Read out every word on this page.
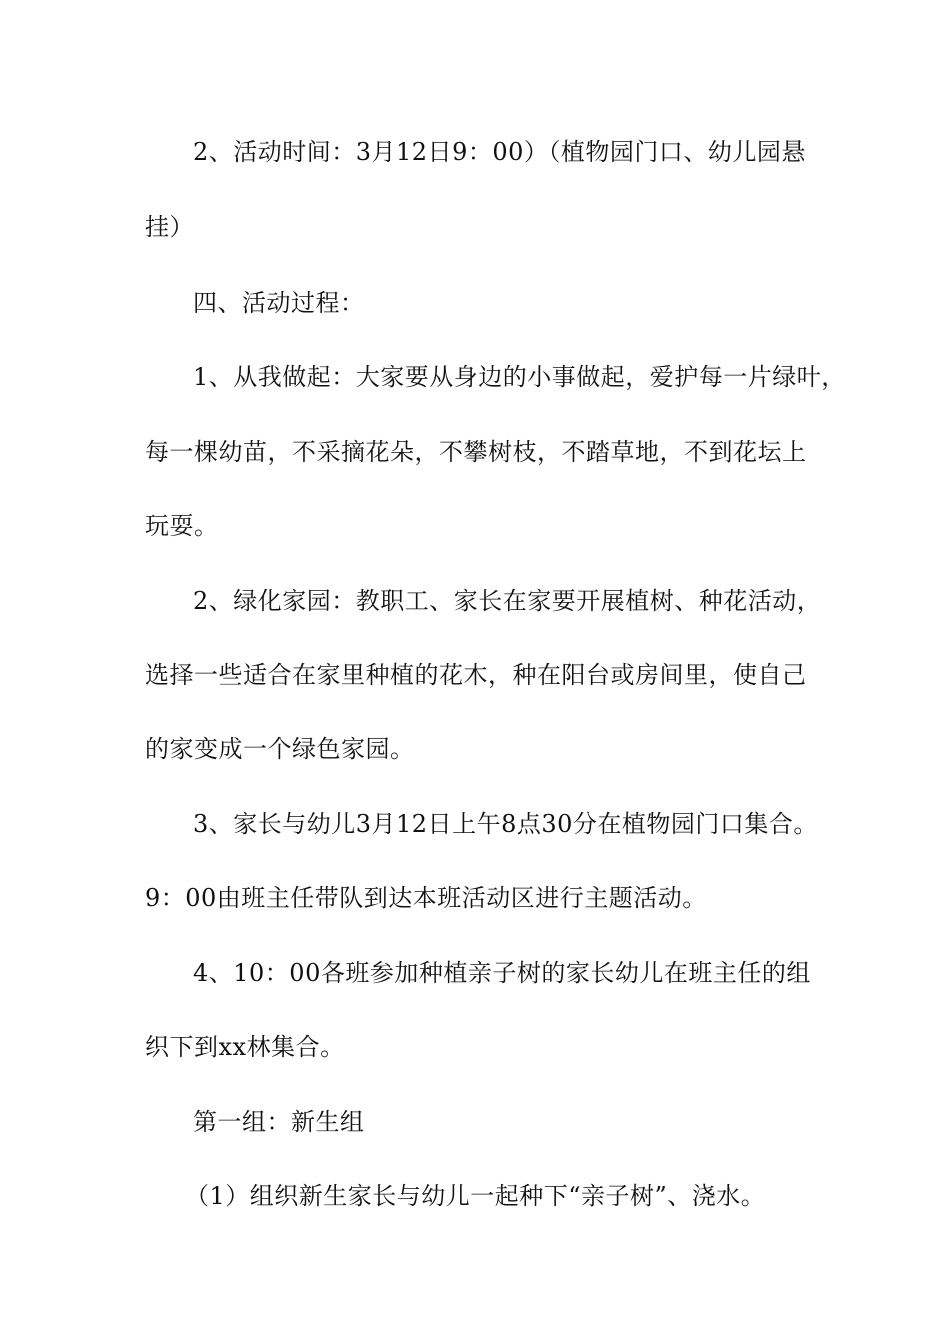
2、活动时间：3月12日9：00）（植物园门口、幼儿园悬
挂）
四、活动过程：
1、从我做起：大家要从身边的小事做起，爱护每一片绿叶，
每一棵幼苗，不采摘花朵，不攀树枝，不踏草地，不到花坛上
玩耍。
2、绿化家园：教职工、家长在家要开展植树、种花活动，
选择一些适合在家里种植的花木，种在阳台或房间里，使自己
的家变成一个绿色家园。
3、家长与幼儿3月12日上午8点30分在植物园门口集合。
9：00由班主任带队到达本班活动区进行主题活动。
4、10：00各班参加种植亲子树的家长幼儿在班主任的组
织下到xx林集合。
第一组：新生组
（1）组织新生家长与幼儿一起种下“亲子树”、浇水。
